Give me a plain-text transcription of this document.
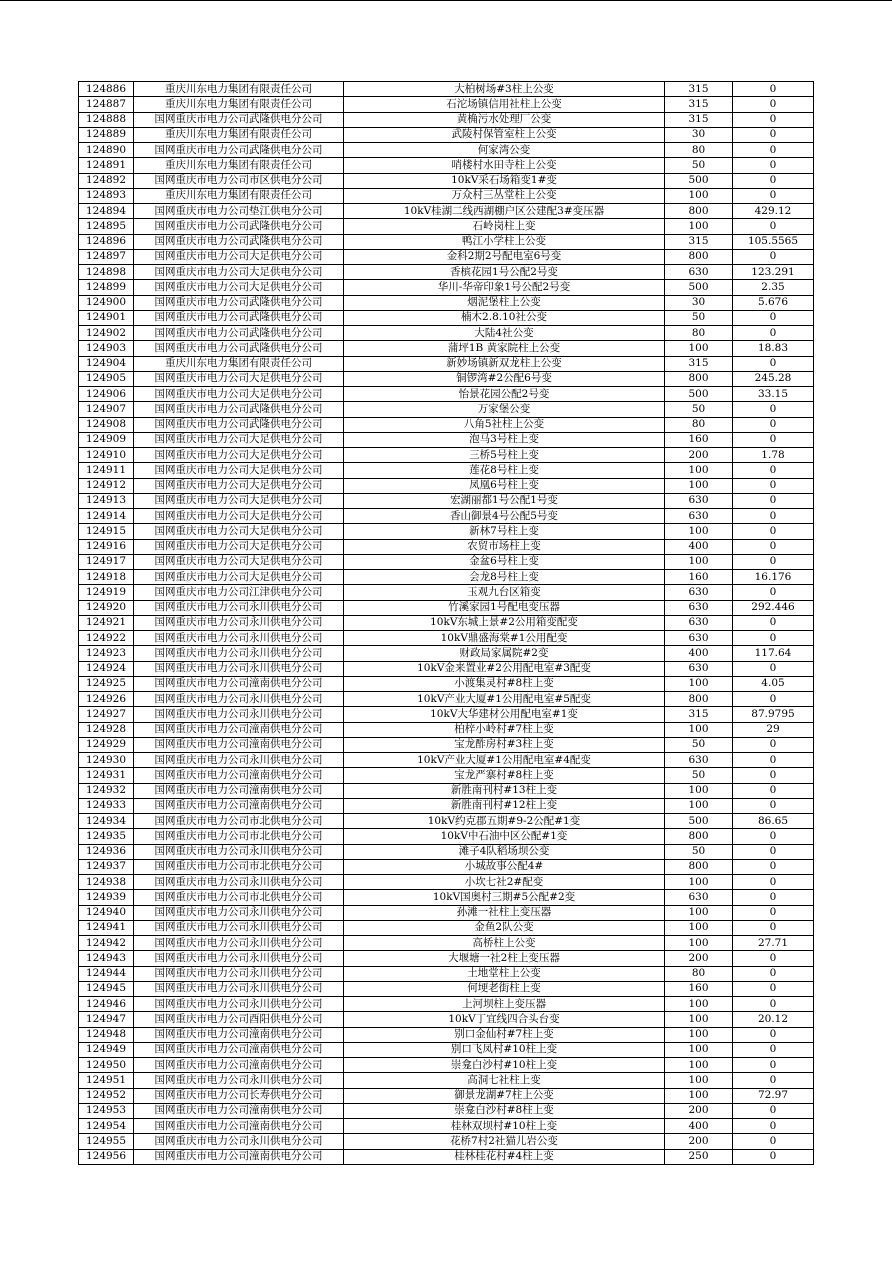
124886	重庆川东电力集团有限责任公司	大柏树场#3柱上公变	315	0
124887	重庆川东电力集团有限责任公司	石沱场镇信用社柱上公变	315	0
124888	国网重庆市电力公司武隆供电分公司	黄桷污水处理厂公变	315	0
124889	重庆川东电力集团有限责任公司	武陵村保管室柱上公变	30	0
124890	国网重庆市电力公司武隆供电分公司	何家湾公变	80	0
124891	重庆川东电力集团有限责任公司	哨楼村水田寺柱上公变	50	0
124892	国网重庆市电力公司市区供电分公司	10kV采石场箱变1#变	500	0
124893	重庆川东电力集团有限责任公司	万众村三丛堂柱上公变	100	0
124894	国网重庆市电力公司垫江供电分公司	10kV桂湖二线西湖棚户区公建配3#变压器	800	429.12
124895	国网重庆市电力公司武隆供电分公司	石岭岗柱上变	100	0
124896	国网重庆市电力公司武隆供电分公司	鸭江小学柱上公变	315	105.5565
124897	国网重庆市电力公司大足供电分公司	金科2期2号配电室6号变	800	0
124898	国网重庆市电力公司大足供电分公司	香槟花园1号公配2号变	630	123.291
124899	国网重庆市电力公司大足供电分公司	华川-华帝印象1号公配2号变	500	2.35
124900	国网重庆市电力公司武隆供电分公司	烟泥堡柱上公变	30	5.676
124901	国网重庆市电力公司武隆供电分公司	楠木2.8.10社公变	50	0
124902	国网重庆市电力公司武隆供电分公司	大陆4社公变	80	0
124903	国网重庆市电力公司武隆供电分公司	蒲坪1B 黄家院柱上公变	100	18.83
124904	重庆川东电力集团有限责任公司	新妙场镇新双龙柱上公变	315	0
124905	国网重庆市电力公司大足供电分公司	铜锣湾#2公配6号变	800	245.28
124906	国网重庆市电力公司大足供电分公司	怡景花园公配2号变	500	33.15
124907	国网重庆市电力公司武隆供电分公司	万家堡公变	50	0
124908	国网重庆市电力公司武隆供电分公司	八角5社柱上公变	80	0
124909	国网重庆市电力公司大足供电分公司	泡马3号柱上变	160	0
124910	国网重庆市电力公司大足供电分公司	三桥5号柱上变	200	1.78
124911	国网重庆市电力公司大足供电分公司	莲花8号柱上变	100	0
124912	国网重庆市电力公司大足供电分公司	凤凰6号柱上变	100	0
124913	国网重庆市电力公司大足供电分公司	宏湖丽都1号公配1号变	630	0
124914	国网重庆市电力公司大足供电分公司	香山御景4号公配5号变	630	0
124915	国网重庆市电力公司大足供电分公司	新林7号柱上变	100	0
124916	国网重庆市电力公司大足供电分公司	农贸市场柱上变	400	0
124917	国网重庆市电力公司大足供电分公司	金盆6号柱上变	100	0
124918	国网重庆市电力公司大足供电分公司	会龙8号柱上变	160	16.176
124919	国网重庆市电力公司江津供电分公司	玉观九台区箱变	630	0
124920	国网重庆市电力公司永川供电分公司	竹溪家园1号配电变压器	630	292.446
124921	国网重庆市电力公司永川供电分公司	10kV东城上景#2公用箱变配变	630	0
124922	国网重庆市电力公司永川供电分公司	10kV鼎盛海棠#1公用配变	630	0
124923	国网重庆市电力公司永川供电分公司	财政局家属院#2变	400	117.64
124924	国网重庆市电力公司永川供电分公司	10kV金来置业#2公用配电室#3配变	630	0
124925	国网重庆市电力公司潼南供电分公司	小渡集灵村#8柱上变	100	4.05
124926	国网重庆市电力公司永川供电分公司	10kV产业大厦#1公用配电室#5配变	800	0
124927	国网重庆市电力公司永川供电分公司	10kV大华建材公用配电室#1变	315	87.9795
124928	国网重庆市电力公司潼南供电分公司	柏梓小岭村#7柱上变	100	29
124929	国网重庆市电力公司潼南供电分公司	宝龙酢房村#3柱上变	50	0
124930	国网重庆市电力公司永川供电分公司	10kV产业大厦#1公用配电室#4配变	630	0
124931	国网重庆市电力公司潼南供电分公司	宝龙严寨村#8柱上变	50	0
124932	国网重庆市电力公司潼南供电分公司	新胜南刊村#13柱上变	100	0
124933	国网重庆市电力公司潼南供电分公司	新胜南刊村#12柱上变	100	0
124934	国网重庆市电力公司市北供电分公司	10kV约克郡五期#9-2公配#1变	500	86.65
124935	国网重庆市电力公司市北供电分公司	10kV中石油中区公配#1变	800	0
124936	国网重庆市电力公司永川供电分公司	滩子4队稻场坝公变	50	0
124937	国网重庆市电力公司市北供电分公司	小城故事公配4#	800	0
124938	国网重庆市电力公司永川供电分公司	小坎七社2#配变	100	0
124939	国网重庆市电力公司市北供电分公司	10kV国奥村三期#5公配#2变	630	0
124940	国网重庆市电力公司永川供电分公司	孙滩一社柱上变压器	100	0
124941	国网重庆市电力公司永川供电分公司	金鱼2队公变	100	0
124942	国网重庆市电力公司永川供电分公司	高桥柱上公变	100	27.71
124943	国网重庆市电力公司永川供电分公司	大堰塘一社2柱上变压器	200	0
124944	国网重庆市电力公司永川供电分公司	土地堂柱上公变	80	0
124945	国网重庆市电力公司永川供电分公司	何埂老街柱上变	160	0
124946	国网重庆市电力公司永川供电分公司	上河坝柱上变压器	100	0
124947	国网重庆市电力公司酉阳供电分公司	10kV丁宜线四合头台变	100	20.12
124948	国网重庆市电力公司潼南供电分公司	别口金仙村#7柱上变	100	0
124949	国网重庆市电力公司潼南供电分公司	别口飞凤村#10柱上变	100	0
124950	国网重庆市电力公司潼南供电分公司	崇龛白沙村#10柱上变	100	0
124951	国网重庆市电力公司永川供电分公司	高洞七社柱上变	100	0
124952	国网重庆市电力公司长寿供电分公司	御景龙湖#7柱上公变	100	72.97
124953	国网重庆市电力公司潼南供电分公司	崇龛白沙村#8柱上变	200	0
124954	国网重庆市电力公司潼南供电分公司	桂林双坝村#10柱上变	400	0
124955	国网重庆市电力公司永川供电分公司	花桥7村2社猫儿岩公变	200	0
124956	国网重庆市电力公司潼南供电分公司	桂林桂花村#4柱上变	250	0
